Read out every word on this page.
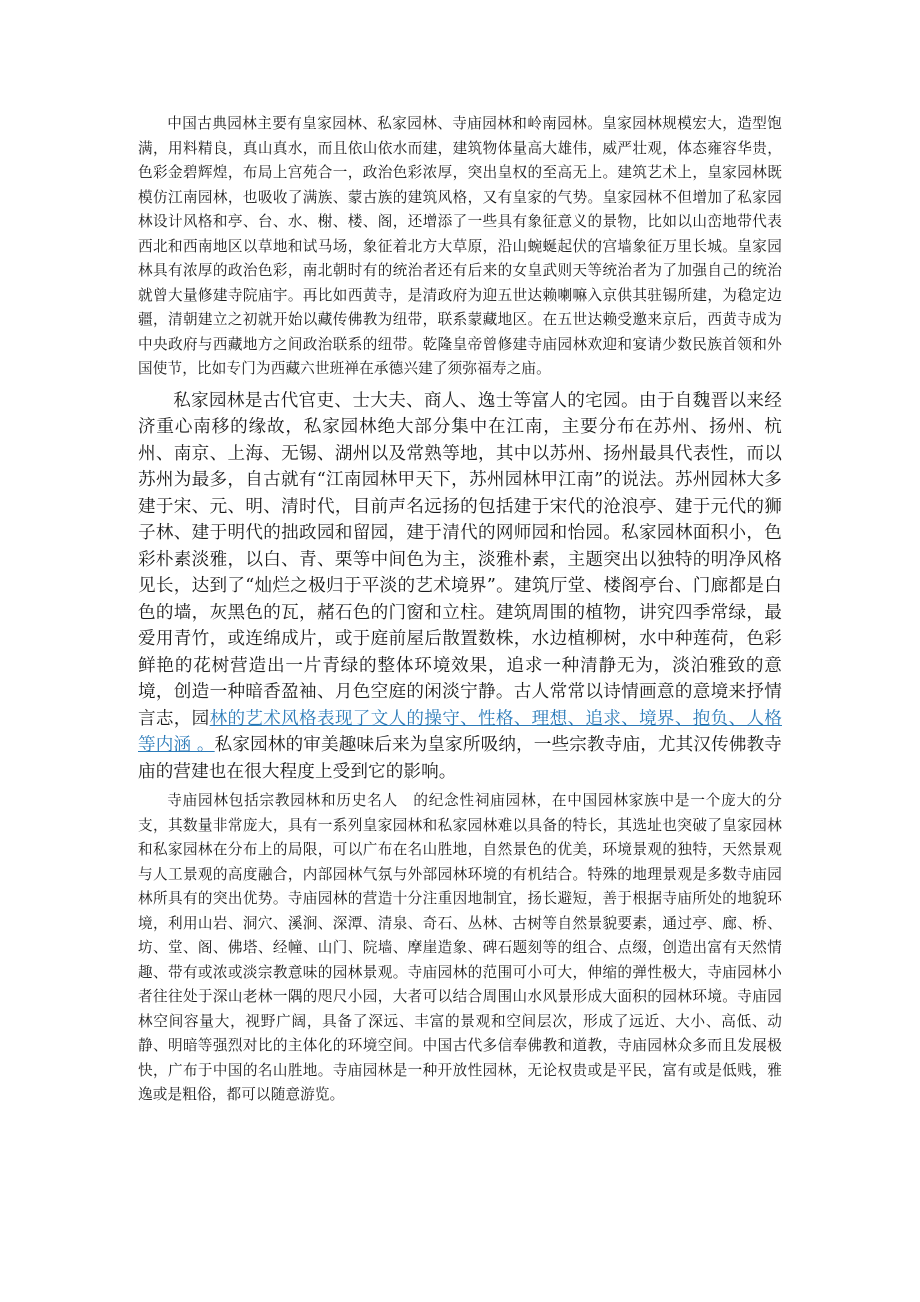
中国古典园林主要有皇家园林、私家园林、寺庙园林和岭南园林。皇家园林规模宏大，造型饱满，用料精良，真山真水，而且依山依水而建，建筑物体量高大雄伟，威严壮观，体态雍容华贵，色彩金碧辉煌，布局上宫苑合一，政治色彩浓厚，突出皇权的至高无上。建筑艺术上，皇家园林既模仿江南园林，也吸收了满族、蒙古族的建筑风格，又有皇家的气势。皇家园林不但增加了私家园林设计风格和亭、台、水、榭、楼、阁，还增添了一些具有象征意义的景物，比如以山峦地带代表西北和西南地区以草地和试马场，象征着北方大草原，沿山蜿蜒起伏的宫墙象征万里长城。皇家园林具有浓厚的政治色彩，南北朝时有的统治者还有后来的女皇武则天等统治者为了加强自己的统治就曾大量修建寺院庙宇。再比如西黄寺，是清政府为迎五世达赖喇嘛入京供其驻锡所建，为稳定边疆，清朝建立之初就开始以藏传佛教为纽带，联系蒙藏地区。在五世达赖受邀来京后，西黄寺成为中央政府与西藏地方之间政治联系的纽带。乾隆皇帝曾修建寺庙园林欢迎和宴请少数民族首领和外国使节，比如专门为西藏六世班禅在承德兴建了须弥福寿之庙。

私家园林是古代官吏、士大夫、商人、逸士等富人的宅园。由于自魏晋以来经济重心南移的缘故，私家园林绝大部分集中在江南，主要分布在苏州、扬州、杭州、南京、上海、无锡、湖州以及常熟等地，其中以苏州、扬州最具代表性，而以苏州为最多，自古就有“江南园林甲天下，苏州园林甲江南”的说法。苏州园林大多建于宋、元、明、清时代，目前声名远扬的包括建于宋代的沧浪亭、建于元代的狮子林、建于明代的拙政园和留园，建于清代的网师园和怡园。私家园林面积小，色彩朴素淡雅，以白、青、栗等中间色为主，淡雅朴素，主题突出以独特的明净风格见长，达到了“灿烂之极归于平淡的艺术境界”。建筑厅堂、楼阁亭台、门廊都是白色的墙，灰黑色的瓦，赭石色的门窗和立柱。建筑周围的植物，讲究四季常绿，最爱用青竹，或连绵成片，或于庭前屋后散置数株，水边植柳树，水中种莲荷，色彩鲜艳的花树营造出一片青绿的整体环境效果，追求一种清静无为，淡泊雅致的意境，创造一种暗香盈袖、月色空庭的闲淡宁静。古人常常以诗情画意的意境来抒情言志，园林的艺术风格表现了文人的操守、性格、理想、追求、境界、抱负、人格等内涵 。私家园林的审美趣味后来为皇家所吸纳，一些宗教寺庙，尤其汉传佛教寺庙的营建也在很大程度上受到它的影响。

寺庙园林包括宗教园林和历史名人　的纪念性祠庙园林，在中国园林家族中是一个庞大的分支，其数量非常庞大，具有一系列皇家园林和私家园林难以具备的特长，其选址也突破了皇家园林和私家园林在分布上的局限，可以广布在名山胜地，自然景色的优美，环境景观的独特，天然景观与人工景观的高度融合，内部园林气氛与外部园林环境的有机结合。特殊的地理景观是多数寺庙园林所具有的突出优势。寺庙园林的营造十分注重因地制宜，扬长避短，善于根据寺庙所处的地貌环境，利用山岩、洞穴、溪涧、深潭、清泉、奇石、丛林、古树等自然景貌要素，通过亭、廊、桥、坊、堂、阁、佛塔、经幢、山门、院墙、摩崖造象、碑石题刻等的组合、点缀，创造出富有天然情趣、带有或浓或淡宗教意味的园林景观。寺庙园林的范围可小可大，伸缩的弹性极大，寺庙园林小者往往处于深山老林一隅的咫尺小园，大者可以结合周围山水风景形成大面积的园林环境。寺庙园林空间容量大，视野广阔，具备了深远、丰富的景观和空间层次，形成了远近、大小、高低、动静、明暗等强烈对比的主体化的环境空间。中国古代多信奉佛教和道教，寺庙园林众多而且发展极快，广布于中国的名山胜地。寺庙园林是一种开放性园林，无论权贵或是平民，富有或是低贱，雅逸或是粗俗，都可以随意游览。
